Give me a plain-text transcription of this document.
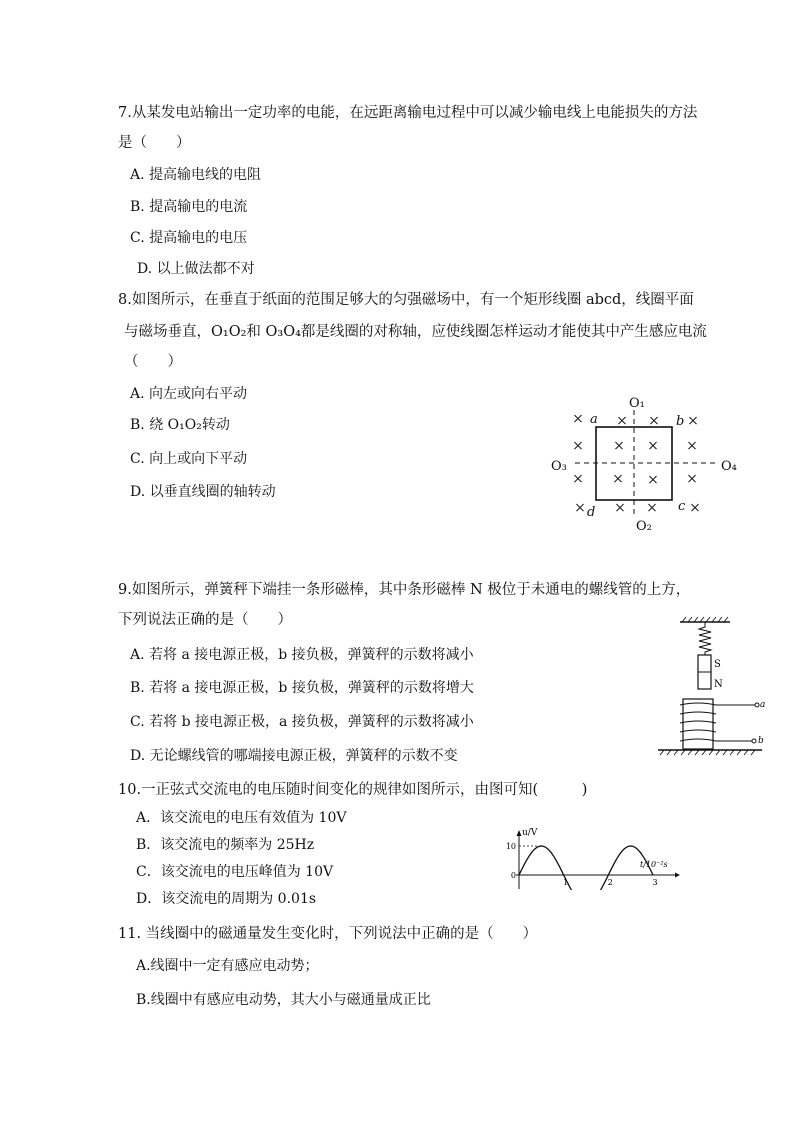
7.从某发电站输出一定功率的电能，在远距离输电过程中可以减少输电线上电能损失的方法
是（　　）
A. 提高输电线的电阻
B. 提高输电的电流
C. 提高输电的电压
D. 以上做法都不对
8.如图所示，在垂直于纸面的范围足够大的匀强磁场中，有一个矩形线圈 abcd，线圈平面
与磁场垂直，O₁O₂和 O₃O₄都是线圈的对称轴，应使线圈怎样运动才能使其中产生感应电流
（　　）
A. 向左或向右平动
B. 绕 O₁O₂转动
C. 向上或向下平动
D. 以垂直线圈的轴转动
× × × ×
× × × ×
× × × ×
× × × ×
a	b
c
d
O₁
O₂
O₃	O₄
9.如图所示，弹簧秤下端挂一条形磁棒，其中条形磁棒 N 极位于未通电的螺线管的上方，
下列说法正确的是（　　）
A. 若将 a 接电源正极，b 接负极，弹簧秤的示数将减小
B. 若将 a 接电源正极，b 接负极，弹簧秤的示数将增大
C. 若将 b 接电源正极，a 接负极，弹簧秤的示数将减小
D. 无论螺线管的哪端接电源正极，弹簧秤的示数不变
S
N
a
b
10.一正弦式交流电的电压随时间变化的规律如图所示，由图可知(　　　)
A．该交流电的电压有效值为 10V
B．该交流电的频率为 25Hz
C．该交流电的电压峰值为 10V
D．该交流电的周期为 0.01s
u/V
t/10⁻²s
10
0
1	2	3
11. 当线圈中的磁通量发生变化时，下列说法中正确的是（　　）
A.线圈中一定有感应电动势；
B.线圈中有感应电动势，其大小与磁通量成正比
